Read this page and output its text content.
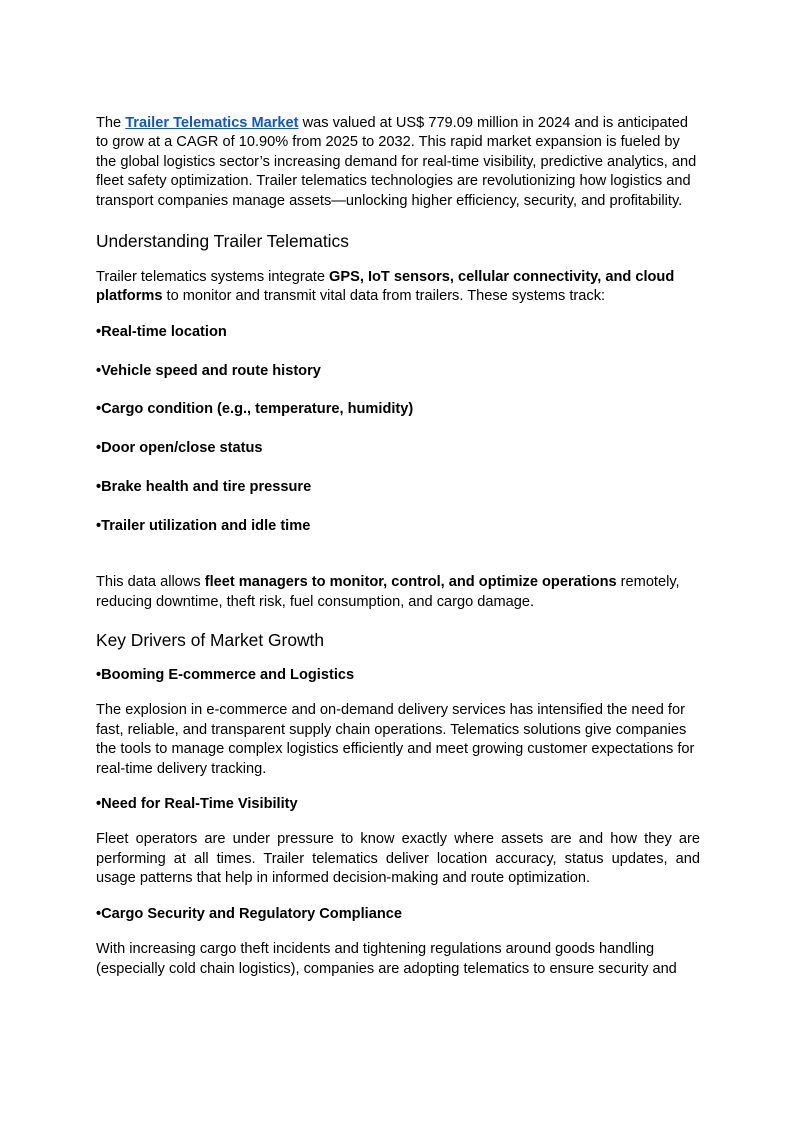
The Trailer Telematics Market was valued at US$ 779.09 million in 2024 and is anticipated to grow at a CAGR of 10.90% from 2025 to 2032. This rapid market expansion is fueled by the global logistics sector’s increasing demand for real-time visibility, predictive analytics, and fleet safety optimization. Trailer telematics technologies are revolutionizing how logistics and transport companies manage assets—unlocking higher efficiency, security, and profitability.

Understanding Trailer Telematics

Trailer telematics systems integrate GPS, IoT sensors, cellular connectivity, and cloud platforms to monitor and transmit vital data from trailers. These systems track:

•Real-time location

•Vehicle speed and route history

•Cargo condition (e.g., temperature, humidity)

•Door open/close status

•Brake health and tire pressure

•Trailer utilization and idle time

This data allows fleet managers to monitor, control, and optimize operations remotely, reducing downtime, theft risk, fuel consumption, and cargo damage.

Key Drivers of Market Growth

•Booming E-commerce and Logistics

The explosion in e-commerce and on-demand delivery services has intensified the need for fast, reliable, and transparent supply chain operations. Telematics solutions give companies the tools to manage complex logistics efficiently and meet growing customer expectations for real-time delivery tracking.

•Need for Real-Time Visibility

Fleet operators are under pressure to know exactly where assets are and how they are performing at all times. Trailer telematics deliver location accuracy, status updates, and usage patterns that help in informed decision-making and route optimization.

•Cargo Security and Regulatory Compliance

With increasing cargo theft incidents and tightening regulations around goods handling (especially cold chain logistics), companies are adopting telematics to ensure security and
